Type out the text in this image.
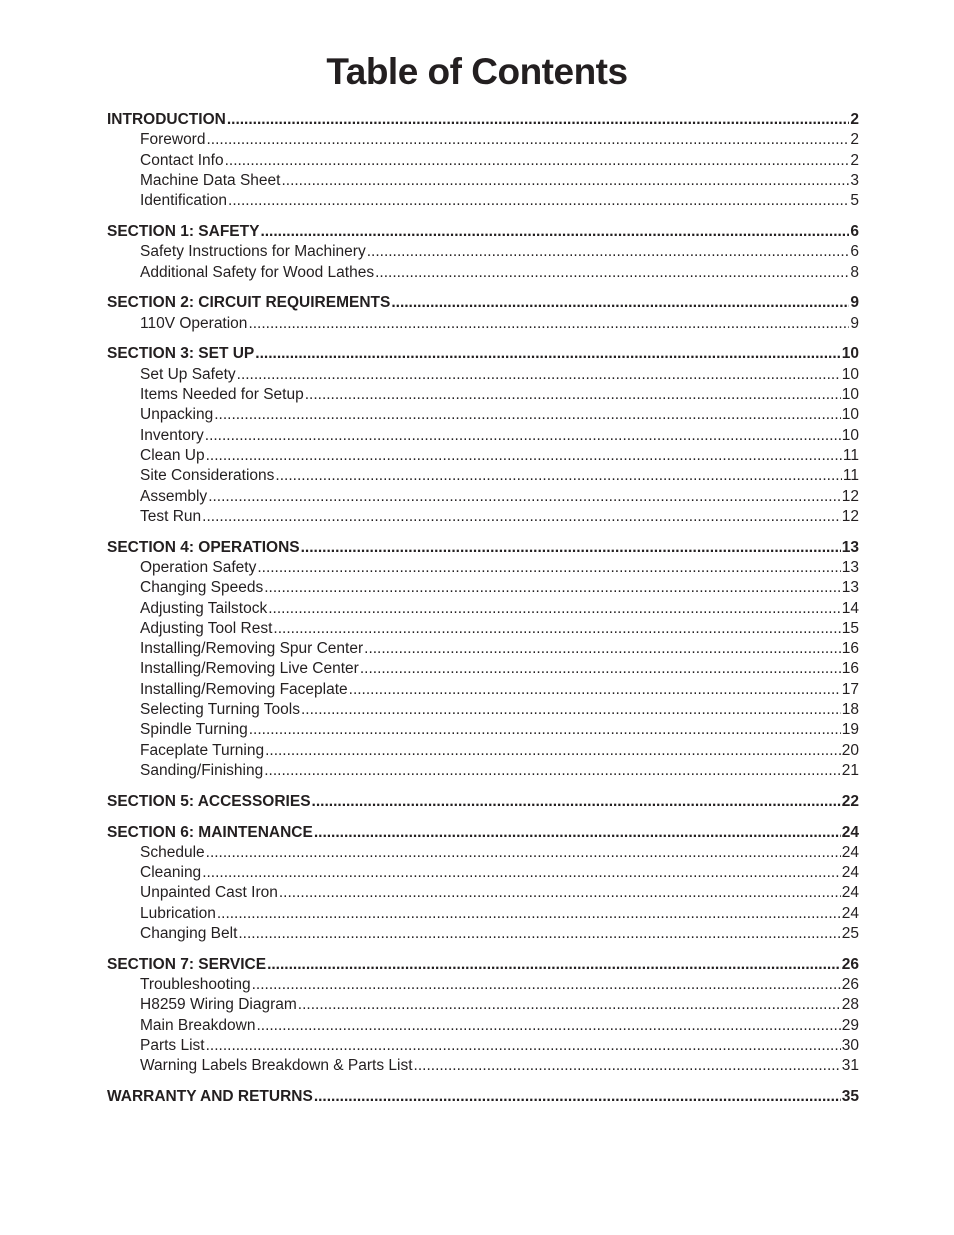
Table of Contents
INTRODUCTION .....	2
Foreword .....	2
Contact Info .....	2
Machine Data Sheet .....	3
Identification .....	5
SECTION 1: SAFETY .....	6
Safety Instructions for Machinery .....	6
Additional Safety for Wood Lathes .....	8
SECTION 2: CIRCUIT REQUIREMENTS .....	9
110V Operation .....	9
SECTION 3: SET UP .....	10
Set Up Safety .....	10
Items Needed for Setup .....	10
Unpacking .....	10
Inventory .....	10
Clean Up .....	11
Site Considerations .....	11
Assembly .....	12
Test Run .....	12
SECTION 4: OPERATIONS .....	13
Operation Safety .....	13
Changing Speeds .....	13
Adjusting Tailstock .....	14
Adjusting Tool Rest .....	15
Installing/Removing Spur Center .....	16
Installing/Removing Live Center .....	16
Installing/Removing Faceplate .....	17
Selecting Turning Tools .....	18
Spindle Turning .....	19
Faceplate Turning .....	20
Sanding/Finishing .....	21
SECTION 5: ACCESSORIES .....	22
SECTION 6: MAINTENANCE .....	24
Schedule .....	24
Cleaning .....	24
Unpainted Cast Iron .....	24
Lubrication .....	24
Changing Belt .....	25
SECTION 7: SERVICE .....	26
Troubleshooting .....	26
H8259 Wiring Diagram .....	28
Main Breakdown .....	29
Parts List .....	30
Warning Labels Breakdown & Parts List .....	31
WARRANTY AND RETURNS .....	35
